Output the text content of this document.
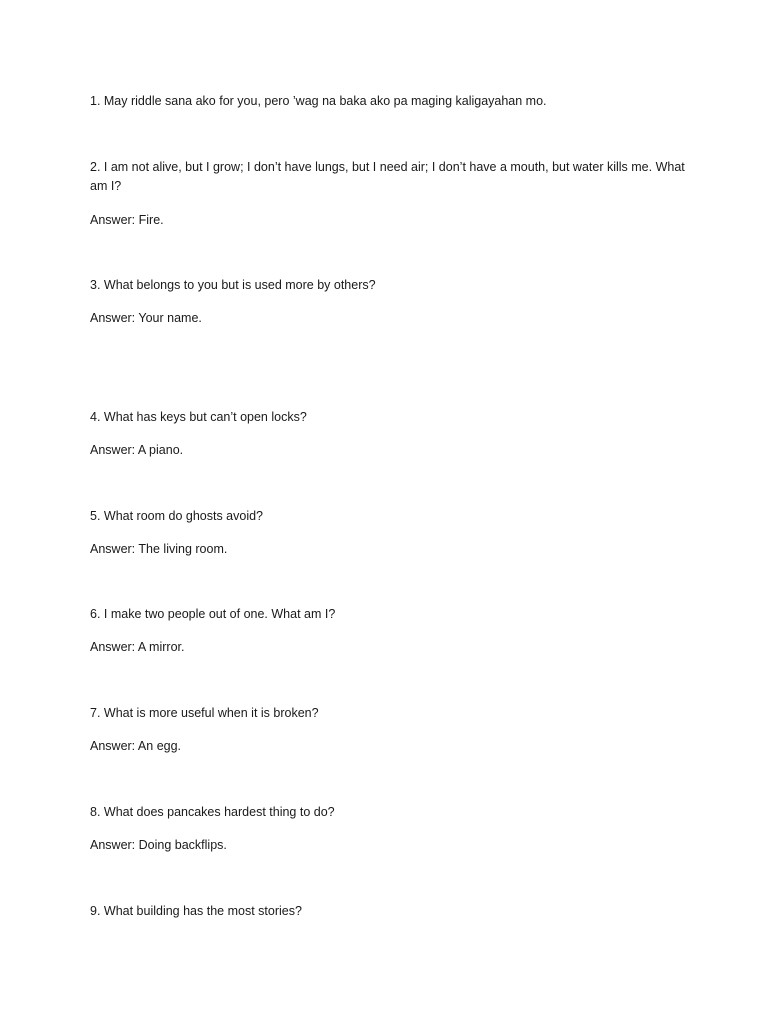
1. May riddle sana ako for you, pero ’wag na baka ako pa maging kaligayahan mo.

2. I am not alive, but I grow; I don’t have lungs, but I need air; I don’t have a mouth, but water kills me. What am I?

Answer: Fire.

3. What belongs to you but is used more by others?

Answer: Your name.

4. What has keys but can’t open locks?

Answer: A piano.

5. What room do ghosts avoid?

Answer: The living room.

6. I make two people out of one. What am I?

Answer: A mirror.

7. What is more useful when it is broken?

Answer: An egg.

8. What does pancakes hardest thing to do?

Answer: Doing backflips.

9. What building has the most stories?
